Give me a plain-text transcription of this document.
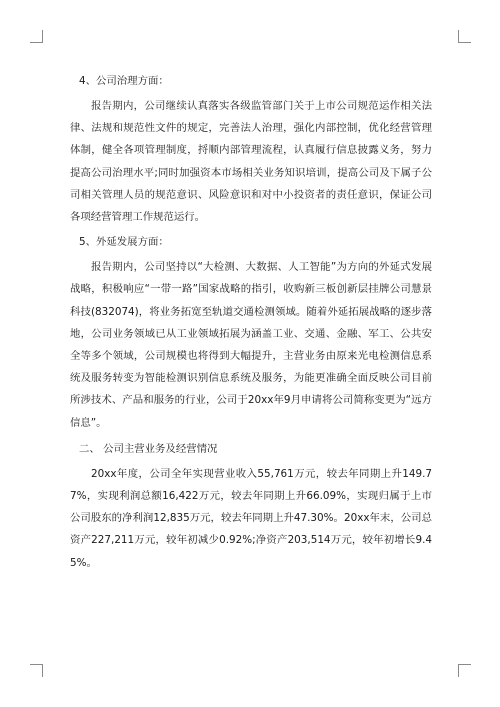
4、公司治理方面：

报告期内，公司继续认真落实各级监管部门关于上市公司规范运作相关法律、法规和规范性文件的规定，完善法人治理，强化内部控制，优化经营管理体制，健全各项管理制度，捋顺内部管理流程，认真履行信息披露义务，努力提高公司治理水平;同时加强资本市场相关业务知识培训，提高公司及下属子公司相关管理人员的规范意识、风险意识和对中小投资者的责任意识，保证公司各项经营管理工作规范运行。

5、外延发展方面：

报告期内，公司坚持以“大检测、大数据、人工智能”为方向的外延式发展战略，积极响应“一带一路”国家战略的指引，收购新三板创新层挂牌公司慧景科技(832074)，将业务拓宽至轨道交通检测领域。随着外延拓展战略的逐步落地，公司业务领域已从工业领域拓展为涵盖工业、交通、金融、军工、公共安全等多个领域，公司规模也将得到大幅提升，主营业务由原来光电检测信息系统及服务转变为智能检测识别信息系统及服务，为能更准确全面反映公司目前所涉技术、产品和服务的行业，公司于20xx年9月申请将公司简称变更为“远方信息”。

二、 公司主营业务及经营情况

20xx年度，公司全年实现营业收入55,761万元，较去年同期上升149.77%，实现利润总额16,422万元，较去年同期上升66.09%，实现归属于上市公司股东的净利润12,835万元，较去年同期上升47.30%。20xx年末，公司总资产227,211万元，较年初减少0.92%;净资产203,514万元，较年初增长9.45%。
